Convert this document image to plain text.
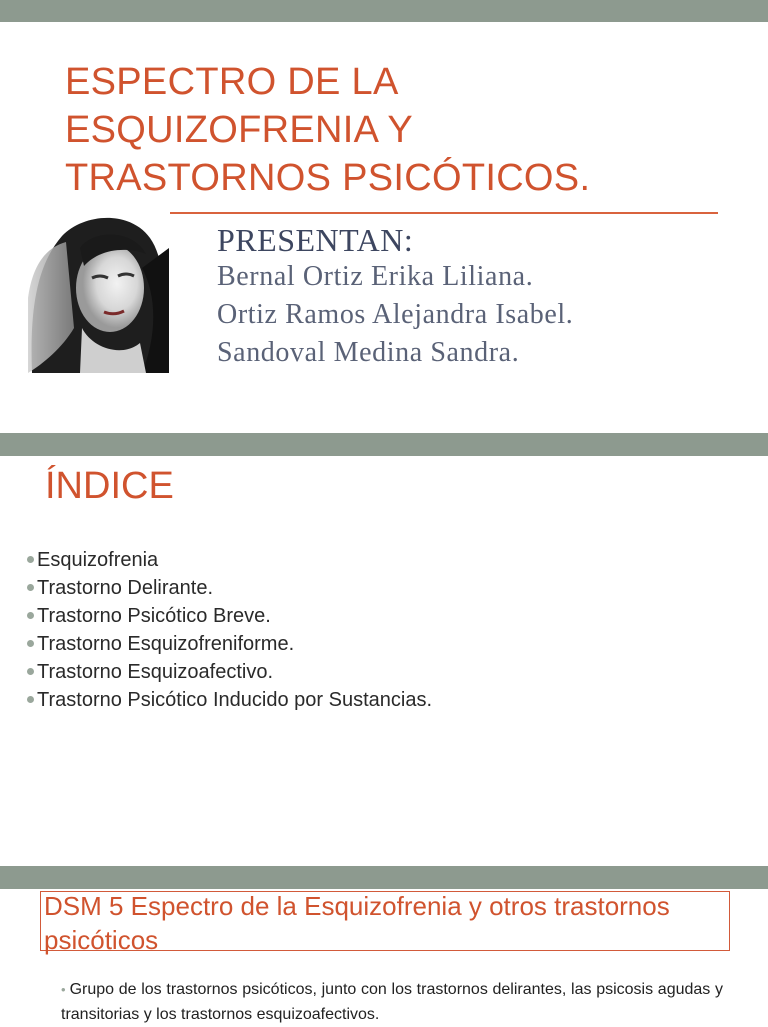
ESPECTRO DE LA
ESQUIZOFRENIA Y
TRASTORNOS PSICÓTICOS.
PRESENTAN:
Bernal Ortiz Erika Liliana.
Ortiz Ramos Alejandra Isabel.
Sandoval Medina Sandra.
ÍNDICE
Esquizofrenia
Trastorno Delirante.
Trastorno Psicótico Breve.
Trastorno Esquizofreniforme.
Trastorno Esquizoafectivo.
Trastorno Psicótico Inducido por Sustancias.
DSM 5 Espectro de la Esquizofrenia y otros trastornos psicóticos

• Grupo de los trastornos psicóticos, junto con los trastornos delirantes, las psicosis agudas y transitorias y los trastornos esquizoafectivos.
